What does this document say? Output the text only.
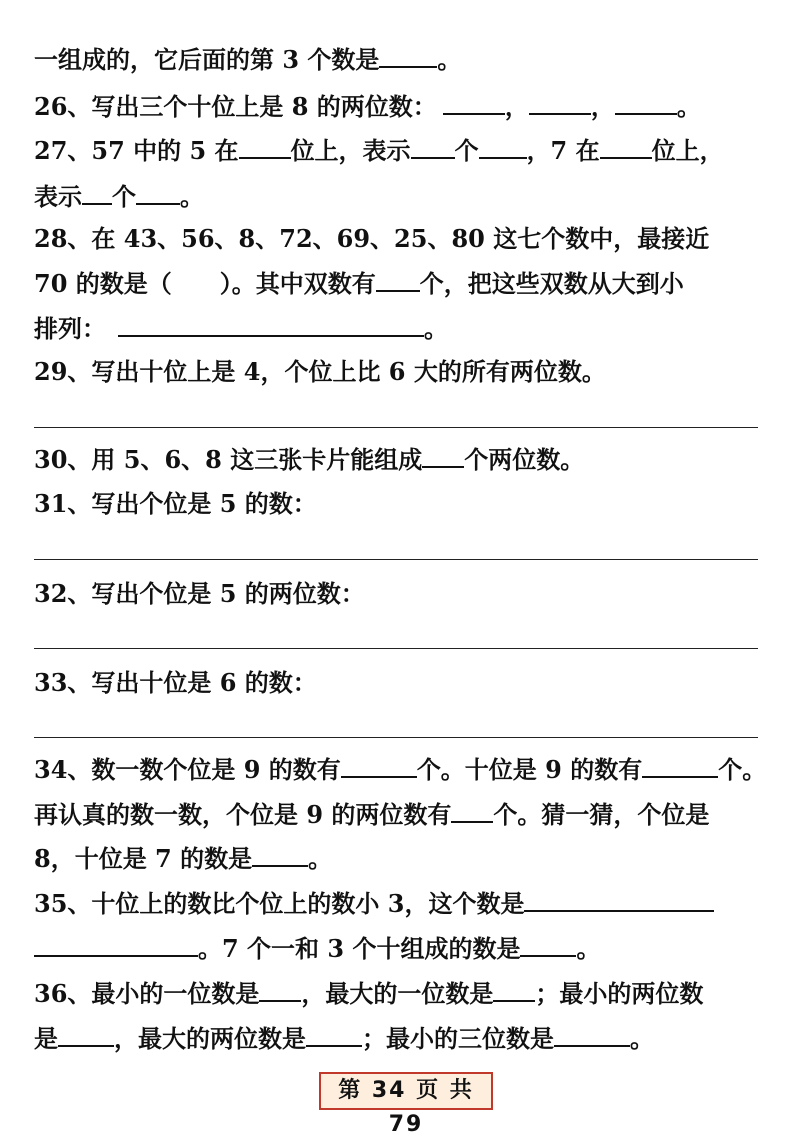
一组成的，它后面的第 3 个数是 。
26、写出三个十位上是 8 的两位数：	，	，	。
27、57 中的 5 在 位上，表示 个 ，7 在 位上，
表示 个 。
28、在 43、56、8、72、69、25、80 这七个数中，最接近
70 的数是（　　）。其中双数有 个，把这些双数从大到小
排列：	。
29、写出十位上是 4，个位上比 6 大的所有两位数。
30、用 5、6、8 这三张卡片能组成 个两位数。
31、写出个位是 5 的数：
32、写出个位是 5 的两位数：
33、写出十位是 6 的数：
34、数一数个位是 9 的数有	个。十位是 9 的数有	个。
再认真的数一数，个位是 9 的两位数有 个。猜一猜，个位是
8，十位是 7 的数是 。
35、十位上的数比个位上的数小 3，这个数是
。7 个一和 3 个十组成的数是 。
36、最小的一位数是 ，最大的一位数是 ；最小的两位数
是 ，最大的两位数是 ；最小的三位数是	。
第 34 页 共 79
